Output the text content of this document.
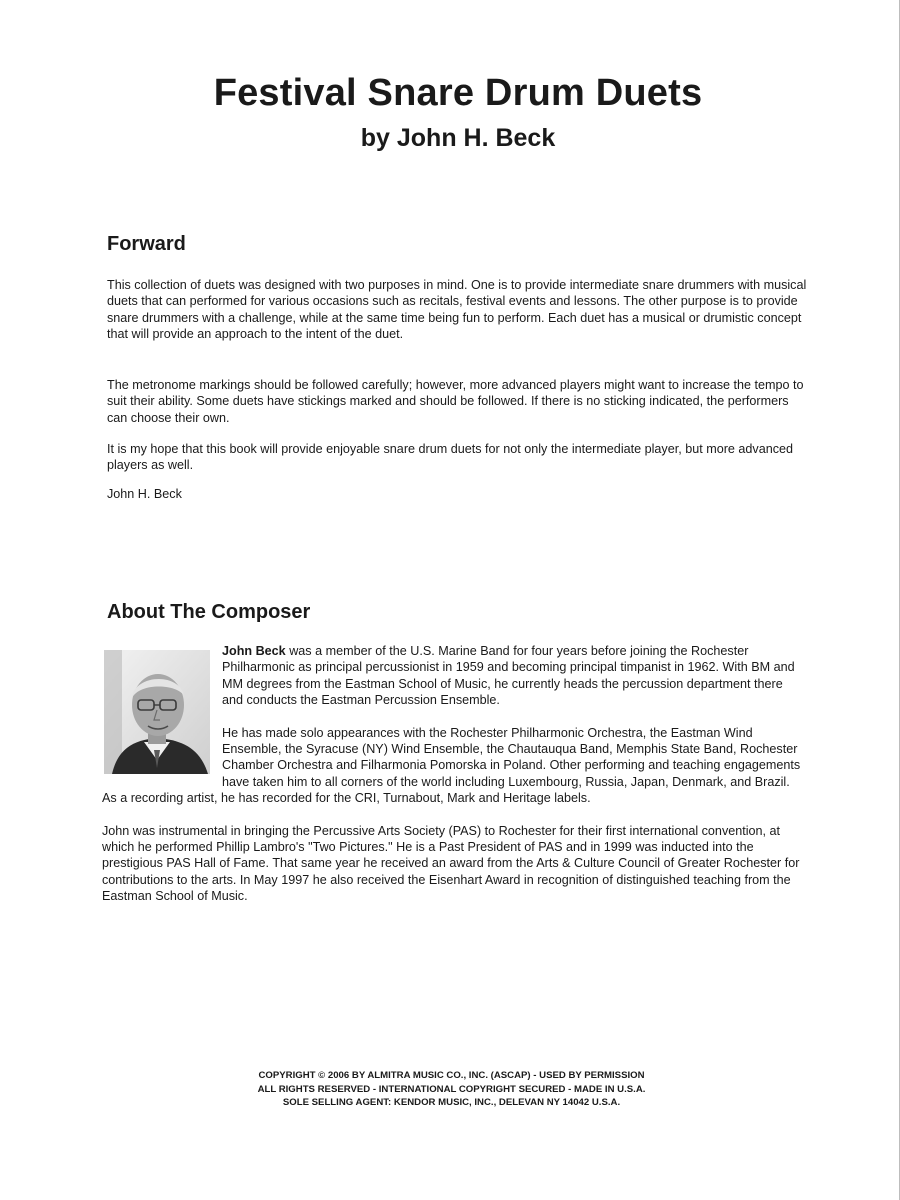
Festival Snare Drum Duets
by John H. Beck
Forward

This collection of duets was designed with two purposes in mind. One is to provide intermediate snare drummers with musical duets that can performed for various occasions such as recitals, festival events and lessons. The other purpose is to provide snare drummers with a challenge, while at the same time being fun to perform. Each duet has a musical or drumistic concept that will provide an approach to the intent of the duet.

The metronome markings should be followed carefully; however, more advanced players might want to increase the tempo to suit their ability. Some duets have stickings marked and should be followed. If there is no sticking indicated, the performers can choose their own.

It is my hope that this book will provide enjoyable snare drum duets for not only the intermediate player, but more advanced players as well.

John H. Beck

About The Composer

John Beck was a member of the U.S. Marine Band for four years before joining the Rochester Philharmonic as principal percussionist in 1959 and becoming principal timpanist in 1962. With BM and MM degrees from the Eastman School of Music, he currently heads the percussion department there and conducts the Eastman Percussion Ensemble.

He has made solo appearances with the Rochester Philharmonic Orchestra, the Eastman Wind Ensemble, the Syracuse (NY) Wind Ensemble, the Chautauqua Band, Memphis State Band, Rochester Chamber Orchestra and Filharmonia Pomorska in Poland. Other performing and teaching engagements have taken him to all corners of the world including Luxembourg, Russia, Japan, Denmark, and Brazil. As a recording artist, he has recorded for the CRI, Turnabout, Mark and Heritage labels.

John was instrumental in bringing the Percussive Arts Society (PAS) to Rochester for their first international convention, at which he performed Phillip Lambro's "Two Pictures." He is a Past President of PAS and in 1999 was inducted into the prestigious PAS Hall of Fame. That same year he received an award from the Arts & Culture Council of Greater Rochester for contributions to the arts. In May 1997 he also received the Eisenhart Award in recognition of distinguished teaching from the Eastman School of Music.

COPYRIGHT © 2006 BY ALMITRA MUSIC CO., INC. (ASCAP) - USED BY PERMISSION
ALL RIGHTS RESERVED - INTERNATIONAL COPYRIGHT SECURED - MADE IN U.S.A.
SOLE SELLING AGENT: KENDOR MUSIC, INC., DELEVAN NY 14042 U.S.A.
